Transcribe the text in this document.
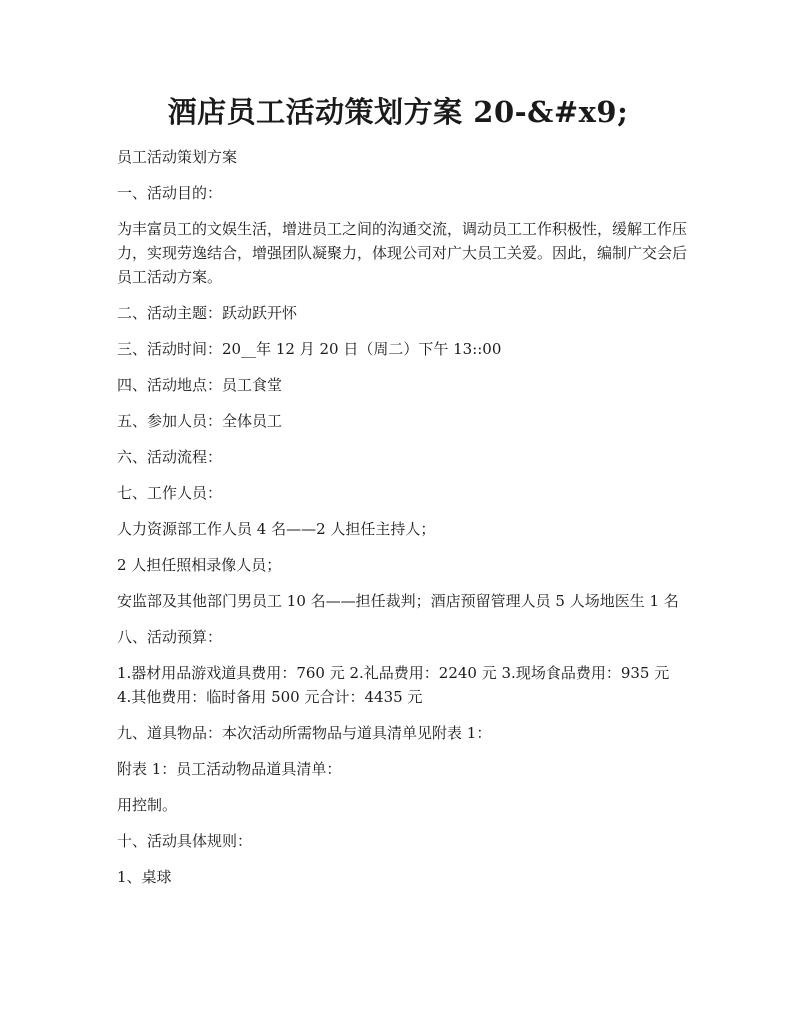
酒店员工活动策划方案 20-&#x9;

员工活动策划方案

一、活动目的：

为丰富员工的文娱生活，增进员工之间的沟通交流，调动员工工作积极性，缓解工作压力，实现劳逸结合，增强团队凝聚力，体现公司对广大员工关爱。因此，编制广交会后员工活动方案。

二、活动主题：跃动跃开怀

三、活动时间：20__年 12 月 20 日（周二）下午 13::00

四、活动地点：员工食堂

五、参加人员：全体员工

六、活动流程：

七、工作人员：

人力资源部工作人员 4 名——2 人担任主持人；

2 人担任照相录像人员；

安监部及其他部门男员工 10 名——担任裁判；酒店预留管理人员 5 人场地医生 1 名

八、活动预算：

1.器材用品游戏道具费用：760 元 2.礼品费用：2240 元 3.现场食品费用：935 元 4.其他费用：临时备用 500 元合计：4435 元

九、道具物品：本次活动所需物品与道具清单见附表 1：

附表 1：员工活动物品道具清单：

用控制。

十、活动具体规则：

1、桌球
